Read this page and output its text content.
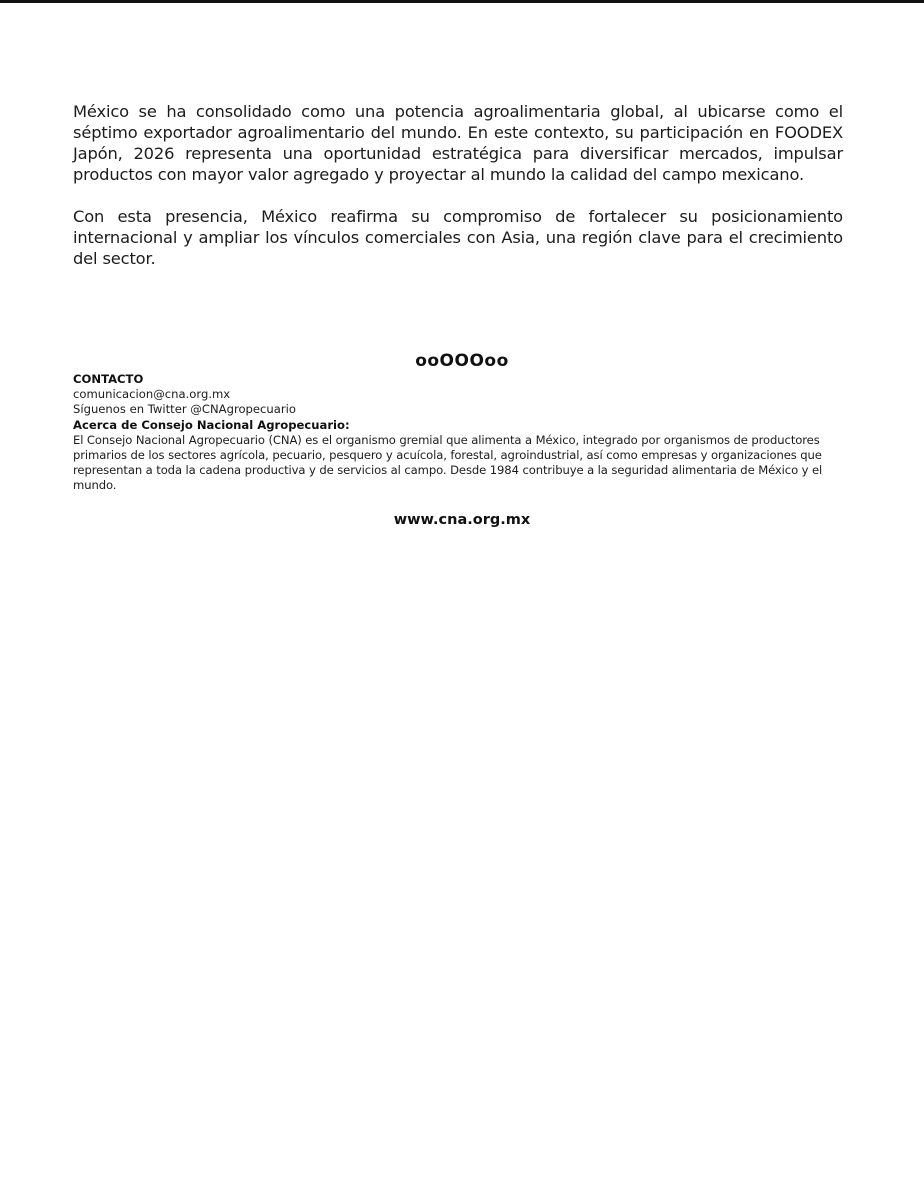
México se ha consolidado como una potencia agroalimentaria global, al ubicarse como el séptimo exportador agroalimentario del mundo. En este contexto, su participación en FOODEX Japón, 2026 representa una oportunidad estratégica para diversificar mercados, impulsar productos con mayor valor agregado y proyectar al mundo la calidad del campo mexicano.

Con esta presencia, México reafirma su compromiso de fortalecer su posicionamiento internacional y ampliar los vínculos comerciales con Asia, una región clave para el crecimiento del sector.

ooOOOoo
CONTACTO
comunicacion@cna.org.mx
Síguenos en Twitter @CNAgropecuario
Acerca de Consejo Nacional Agropecuario:

El Consejo Nacional Agropecuario (CNA) es el organismo gremial que alimenta a México, integrado por organismos de productores primarios de los sectores agrícola, pecuario, pesquero y acuícola, forestal, agroindustrial, así como empresas y organizaciones que representan a toda la cadena productiva y de servicios al campo. Desde 1984 contribuye a la seguridad alimentaria de México y el mundo.

www.cna.org.mx
